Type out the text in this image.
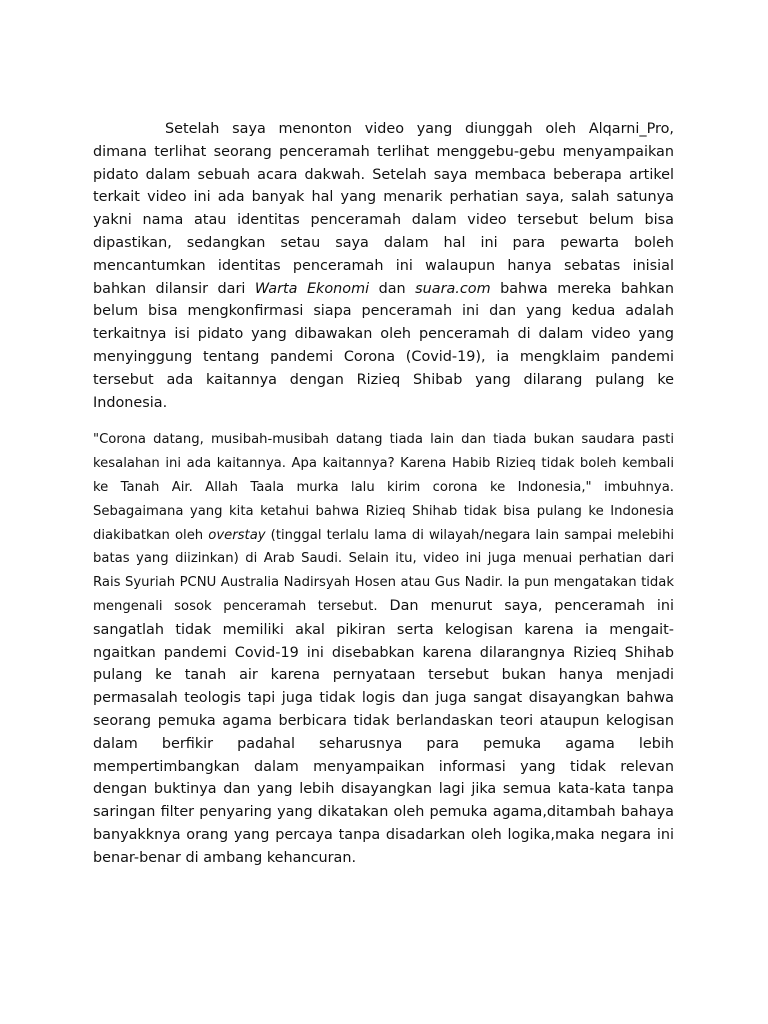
Setelah saya menonton video yang diunggah oleh Alqarni_Pro, dimana terlihat seorang penceramah terlihat menggebu-gebu menyampaikan pidato dalam sebuah acara dakwah. Setelah saya membaca beberapa artikel terkait video ini ada banyak hal yang menarik perhatian saya, salah satunya yakni nama atau identitas penceramah dalam video tersebut belum bisa dipastikan, sedangkan setau saya dalam hal ini para pewarta boleh mencantumkan identitas penceramah ini walaupun hanya sebatas inisial bahkan dilansir dari Warta Ekonomi dan suara.com bahwa mereka bahkan belum bisa mengkonfirmasi siapa penceramah ini dan yang kedua adalah terkaitnya isi pidato yang dibawakan oleh penceramah di dalam video yang menyinggung tentang pandemi Corona (Covid-19), ia mengklaim pandemi tersebut ada kaitannya dengan Rizieq Shibab yang dilarang pulang ke Indonesia.

"Corona datang, musibah-musibah datang tiada lain dan tiada bukan saudara pasti kesalahan ini ada kaitannya. Apa kaitannya? Karena Habib Rizieq tidak boleh kembali ke Tanah Air. Allah Taala murka lalu kirim corona ke Indonesia," imbuhnya. Sebagaimana yang kita ketahui bahwa Rizieq Shihab tidak bisa pulang ke Indonesia diakibatkan oleh overstay (tinggal terlalu lama di wilayah/negara lain sampai melebihi batas yang diizinkan) di Arab Saudi. Selain itu, video ini juga menuai perhatian dari Rais Syuriah PCNU Australia Nadirsyah Hosen atau Gus Nadir. Ia pun mengatakan tidak mengenali sosok penceramah tersebut. Dan menurut saya, penceramah ini sangatlah tidak memiliki akal pikiran serta kelogisan karena ia mengait-ngaitkan pandemi Covid-19 ini disebabkan karena dilarangnya Rizieq Shihab pulang ke tanah air karena pernyataan tersebut bukan hanya menjadi permasalah teologis tapi juga tidak logis dan juga sangat disayangkan bahwa seorang pemuka agama berbicara tidak berlandaskan teori ataupun kelogisan dalam berfikir padahal seharusnya para pemuka agama lebih mempertimbangkan dalam menyampaikan informasi yang tidak relevan dengan buktinya dan yang lebih disayangkan lagi jika semua kata-kata tanpa saringan filter penyaring yang dikatakan oleh pemuka agama,ditambah bahaya banyakknya orang yang percaya tanpa disadarkan oleh logika,maka negara ini benar-benar di ambang kehancuran.
